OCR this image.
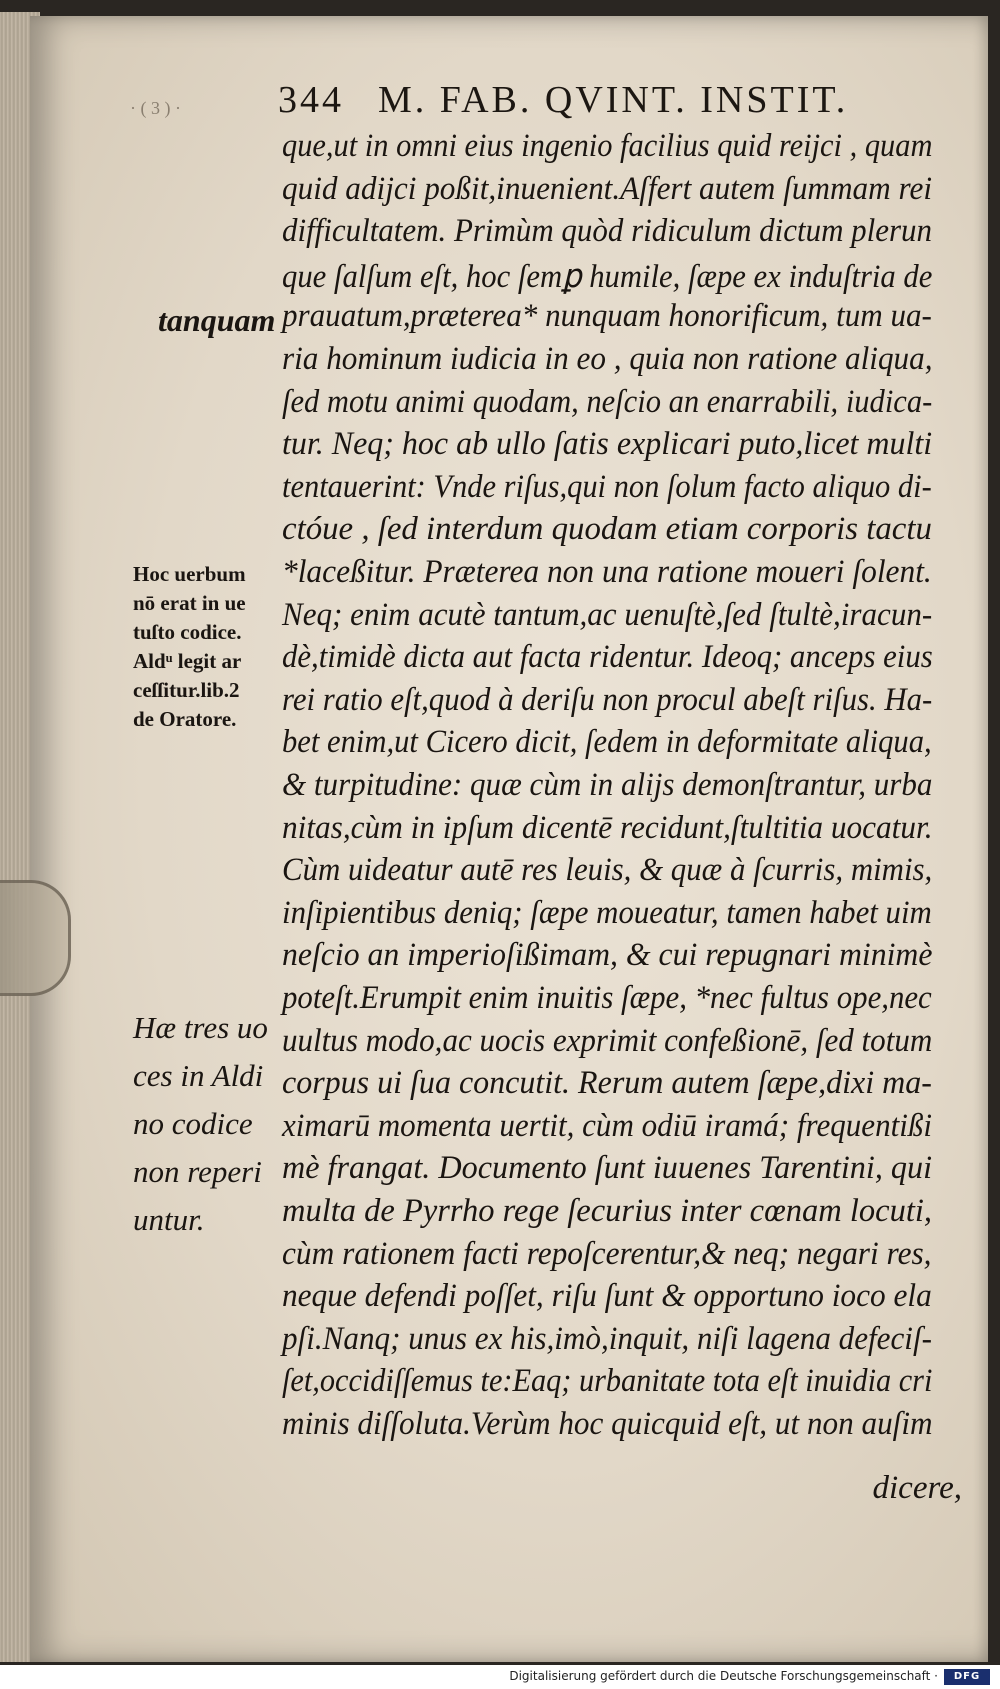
· ( 3 ) ·	344 M. FAB. QVINT. INSTIT.
tanquam
Hoc uerbum
nō erat in ue
tuſto codice.
Aldᵘ legit ar
ceſſitur.lib.2
de Oratore.
Hæ tres uo
ces in Aldi
no codice
non reperi
untur.
que,ut in omni eius ingenio facilius quid reijci , quam
quid adijci poßit,inuenient.Aſfert autem ſummam rei
difficultatem. Primùm quòd ridiculum dictum plerun
que ſalſum eſt, hoc ſemꝑ humile, ſæpe ex induſtria de
prauatum,præterea* nunquam honorificum, tum ua-
ria hominum iudicia in eo , quia non ratione aliqua,
ſed motu animi quodam, neſcio an enarrabili, iudica-
tur. Neq; hoc ab ullo ſatis explicari puto,licet multi
tentauerint: Vnde riſus,qui non ſolum facto aliquo di-
ctóue , ſed interdum quodam etiam corporis tactu
*laceßitur. Præterea non una ratione moueri ſolent.
Neq; enim acutè tantum,ac uenuſtè,ſed ſtultè,iracun-
dè,timidè dicta aut facta ridentur. Ideoq; anceps eius
rei ratio eſt,quod à deriſu non procul abeſt riſus. Ha-
bet enim,ut Cicero dicit, ſedem in deformitate aliqua,
& turpitudine: quæ cùm in alijs demonſtrantur, urba
nitas,cùm in ipſum dicentē recidunt,ſtultitia uocatur.
Cùm uideatur autē res leuis, & quæ à ſcurris, mimis,
inſipientibus deniq; ſæpe moueatur, tamen habet uim
neſcio an imperioſißimam, & cui repugnari minimè
poteſt.Erumpit enim inuitis ſæpe, *nec fultus ope,nec
uultus modo,ac uocis exprimit confeßionē, ſed totum
corpus ui ſua concutit. Rerum autem ſæpe,dixi ma-
ximarū momenta uertit, cùm odiū iramá; frequentißi
mè frangat. Documento ſunt iuuenes Tarentini, qui
multa de Pyrrho rege ſecurius inter cœnam locuti,
cùm rationem facti repoſcerentur,& neq; negari res,
neque defendi poſſet, riſu ſunt & opportuno ioco ela
pſi.Nanq; unus ex his,imò,inquit, niſi lagena defeciſ-
ſet,occidiſſemus te:Eaq; urbanitate tota eſt inuidia cri
minis diſſoluta.Verùm hoc quicquid eſt, ut non auſim
dicere,
Digitalisierung gefördert durch die Deutsche Forschungsgemeinschaft ·	DFG
